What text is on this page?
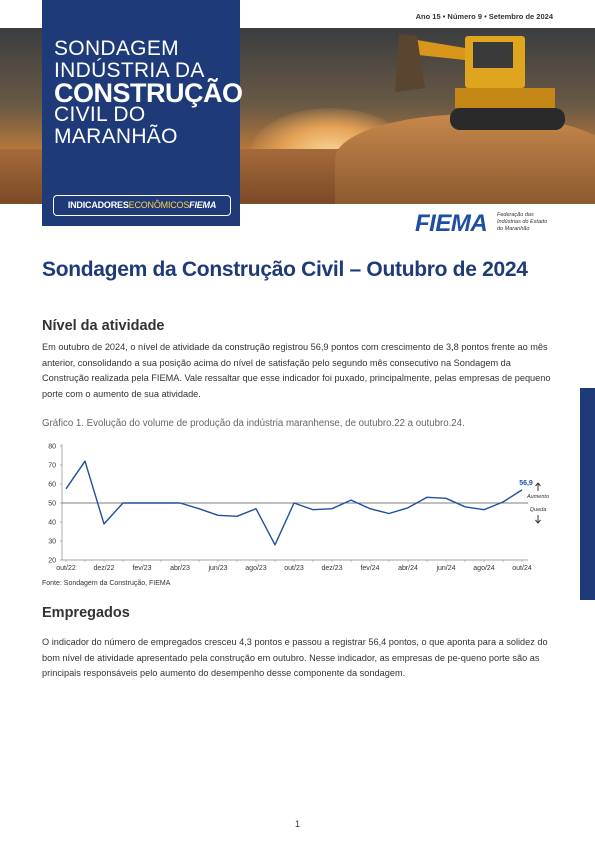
Ano 15 • Número 9 • Setembro de 2024
SONDAGEM
INDÚSTRIA DA
CONSTRUÇÃO
CIVIL DO
MARANHÃO
INDICADORESECONÔMICOSFIEMA
FIEMA Federação das
Indústrias do Estado
do Maranhão
Sondagem da Construção Civil – Outubro de 2024
Nível da atividade

Em outubro de 2024, o nível de atividade da construção registrou 56,9 pontos com crescimento de 3,8 pontos frente ao mês anterior, consolidando a sua posição acima do nível de satisfação pelo segundo mês consecutivo na Sondagem da Construção realizada pela FIEMA. Vale ressaltar que esse indicador foi puxado, principalmente, pelas empresas de pequeno porte com o aumento de sua atividade.

Gráfico 1. Evolução do volume de produção da indústria maranhense, de outubro.22 a outubro.24.

20
30
40
50
60
70
80
out/22	dez/22	fev/23	abr/23	jun/23	ago/23	out/23	dez/23	fev/24	abr/24	jun/24	ago/24	out/24
56,9
Aumento
Queda
Fonte: Sondagem da Construção, FIEMA
Empregados

O indicador do número de empregados cresceu 4,3 pontos e passou a registrar 56,4 pontos, o que aponta para a solidez do bom nível de atividade apresentado pela construção em outubro. Nesse indicador, as empresas de pe-queno porte são as principais responsáveis pelo aumento do desempenho desse componente da sondagem.

1
